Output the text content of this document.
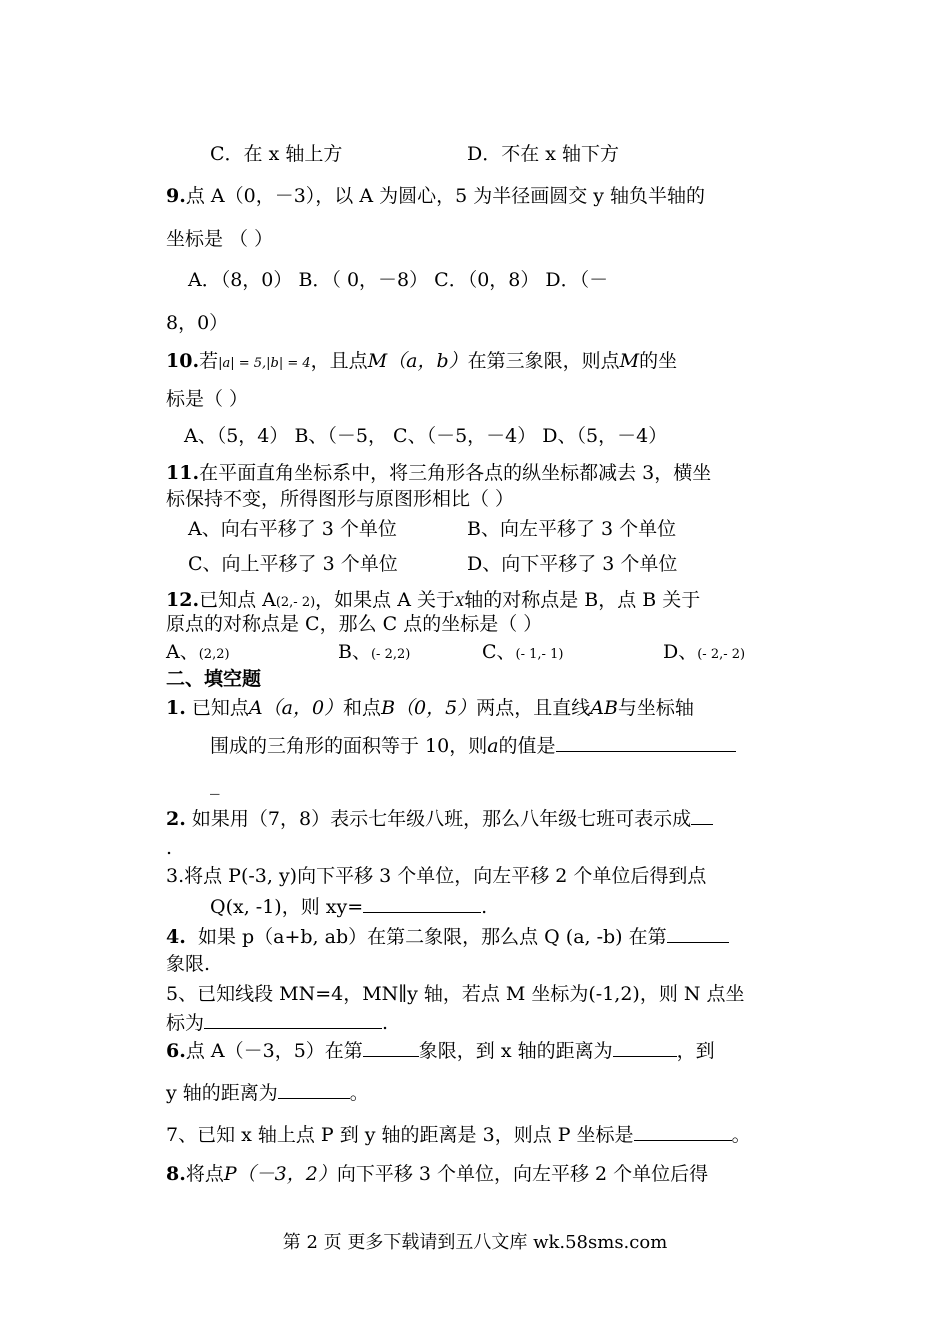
C．在 x 轴上方	D．不在 x 轴下方
9.点 A（0，－3），以 A 为圆心，5 为半径画圆交 y 轴负半轴的
坐标是 （ ）
A．（8，0） B．（ 0，－8） C．（0，8） D．（－
8，0）
10.若|a| = 5,|b| = 4，且点M（a，b）在第三象限，则点M的坐
标是（ ）
A、（5，4） B、（－5， C、（－5，－4） D、（5，－4）
11.在平面直角坐标系中，将三角形各点的纵坐标都减去 3，横坐
标保持不变，所得图形与原图形相比（ ）
A、向右平移了 3 个单位	B、向左平移了 3 个单位
C、向上平移了 3 个单位	D、向下平移了 3 个单位
12.已知点 A(2,- 2)，如果点 A 关于X轴的对称点是 B，点 B 关于
原点的对称点是 C，那么 C 点的坐标是（ ）
A、(2,2)	B、(- 2,2)	C、(- 1,- 1)	D、(- 2,- 2)
二、填空题
1. 已知点A（a，0）和点B（0，5）两点，且直线AB与坐标轴
围成的三角形的面积等于 10，则a的值是
_
2. 如果用（7，8）表示七年级八班，那么八年级七班可表示成
.
3.将点 P(-3, y)向下平移 3 个单位，向左平移 2 个单位后得到点
Q(x, -1)，则 xy=	.
4. 如果 p（a+b, ab）在第二象限，那么点 Q (a, -b) 在第
象限.
5、已知线段 MN=4，MN∥y 轴，若点 M 坐标为(-1,2)，则 N 点坐
标为	.
6.点 A（－3，5）在第	象限，到 x 轴的距离为	，到
y 轴的距离为	。
7、已知 x 轴上点 P 到 y 轴的距离是 3，则点 P 坐标是	。
8.将点P（－3，2）向下平移 3 个单位，向左平移 2 个单位后得
第 2 页 更多下载请到五八文库 wk.58sms.com
